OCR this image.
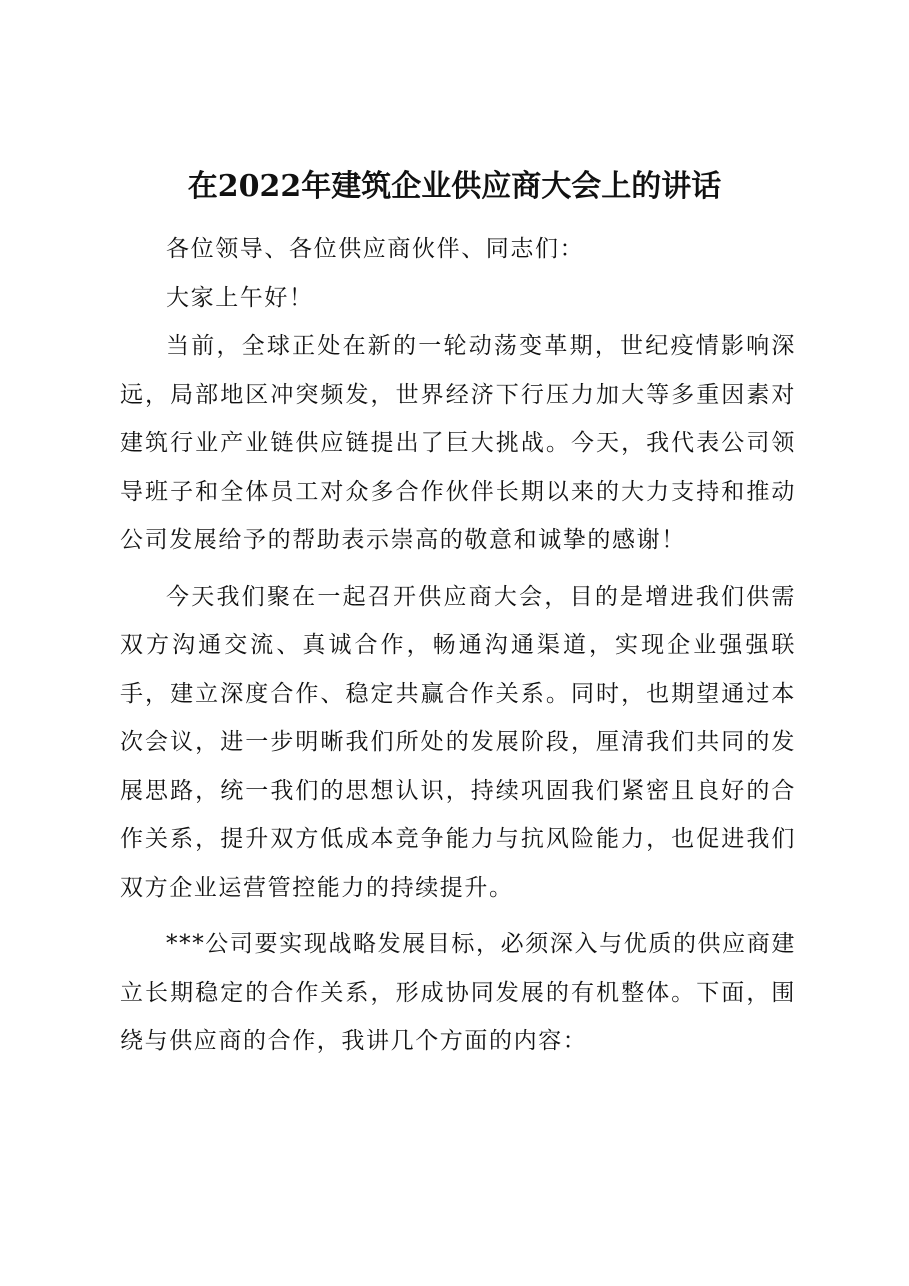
在2022年建筑企业供应商大会上的讲话

各位领导、各位供应商伙伴、同志们：

大家上午好！

当前，全球正处在新的一轮动荡变革期，世纪疫情影响深远，局部地区冲突频发，世界经济下行压力加大等多重因素对建筑行业产业链供应链提出了巨大挑战。今天，我代表公司领导班子和全体员工对众多合作伙伴长期以来的大力支持和推动公司发展给予的帮助表示崇高的敬意和诚挚的感谢！

今天我们聚在一起召开供应商大会，目的是增进我们供需双方沟通交流、真诚合作，畅通沟通渠道，实现企业强强联手，建立深度合作、稳定共赢合作关系。同时，也期望通过本次会议，进一步明晰我们所处的发展阶段，厘清我们共同的发展思路，统一我们的思想认识，持续巩固我们紧密且良好的合作关系，提升双方低成本竞争能力与抗风险能力，也促进我们双方企业运营管控能力的持续提升。

***公司要实现战略发展目标，必须深入与优质的供应商建立长期稳定的合作关系，形成协同发展的有机整体。下面，围绕与供应商的合作，我讲几个方面的内容：
